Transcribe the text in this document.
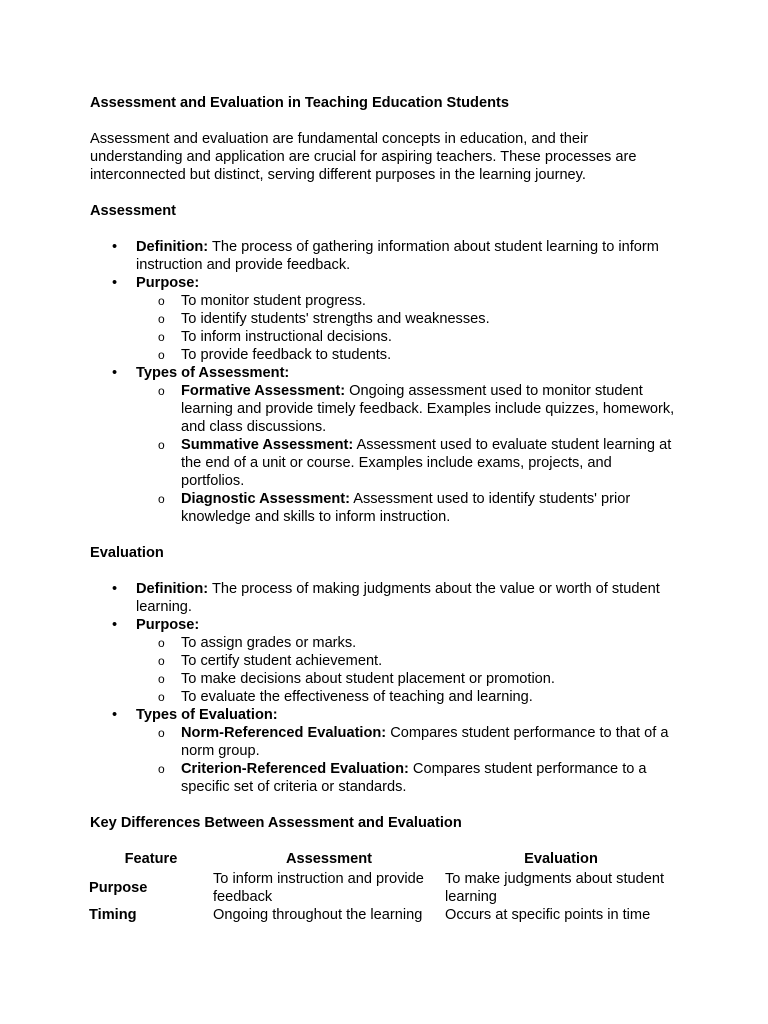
Assessment and Evaluation in Teaching Education Students

Assessment and evaluation are fundamental concepts in education, and their understanding and application are crucial for aspiring teachers. These processes are interconnected but distinct, serving different purposes in the learning journey.

Assessment

• Definition: The process of gathering information about student learning to inform instruction and provide feedback.
• Purpose:
o To monitor student progress.
o To identify students' strengths and weaknesses.
o To inform instructional decisions.
o To provide feedback to students.
• Types of Assessment:
o Formative Assessment: Ongoing assessment used to monitor student learning and provide timely feedback. Examples include quizzes, homework, and class discussions.
o Summative Assessment: Assessment used to evaluate student learning at the end of a unit or course. Examples include exams, projects, and portfolios.
o Diagnostic Assessment: Assessment used to identify students' prior knowledge and skills to inform instruction.

Evaluation

• Definition: The process of making judgments about the value or worth of student learning.
• Purpose:
o To assign grades or marks.
o To certify student achievement.
o To make decisions about student placement or promotion.
o To evaluate the effectiveness of teaching and learning.
• Types of Evaluation:
o Norm-Referenced Evaluation: Compares student performance to that of a norm group.
o Criterion-Referenced Evaluation: Compares student performance to a specific set of criteria or standards.

Key Differences Between Assessment and Evaluation

Feature	Assessment	Evaluation
Purpose	To inform instruction and provide feedback	To make judgments about student learning
Timing	Ongoing throughout the learning	Occurs at specific points in time
